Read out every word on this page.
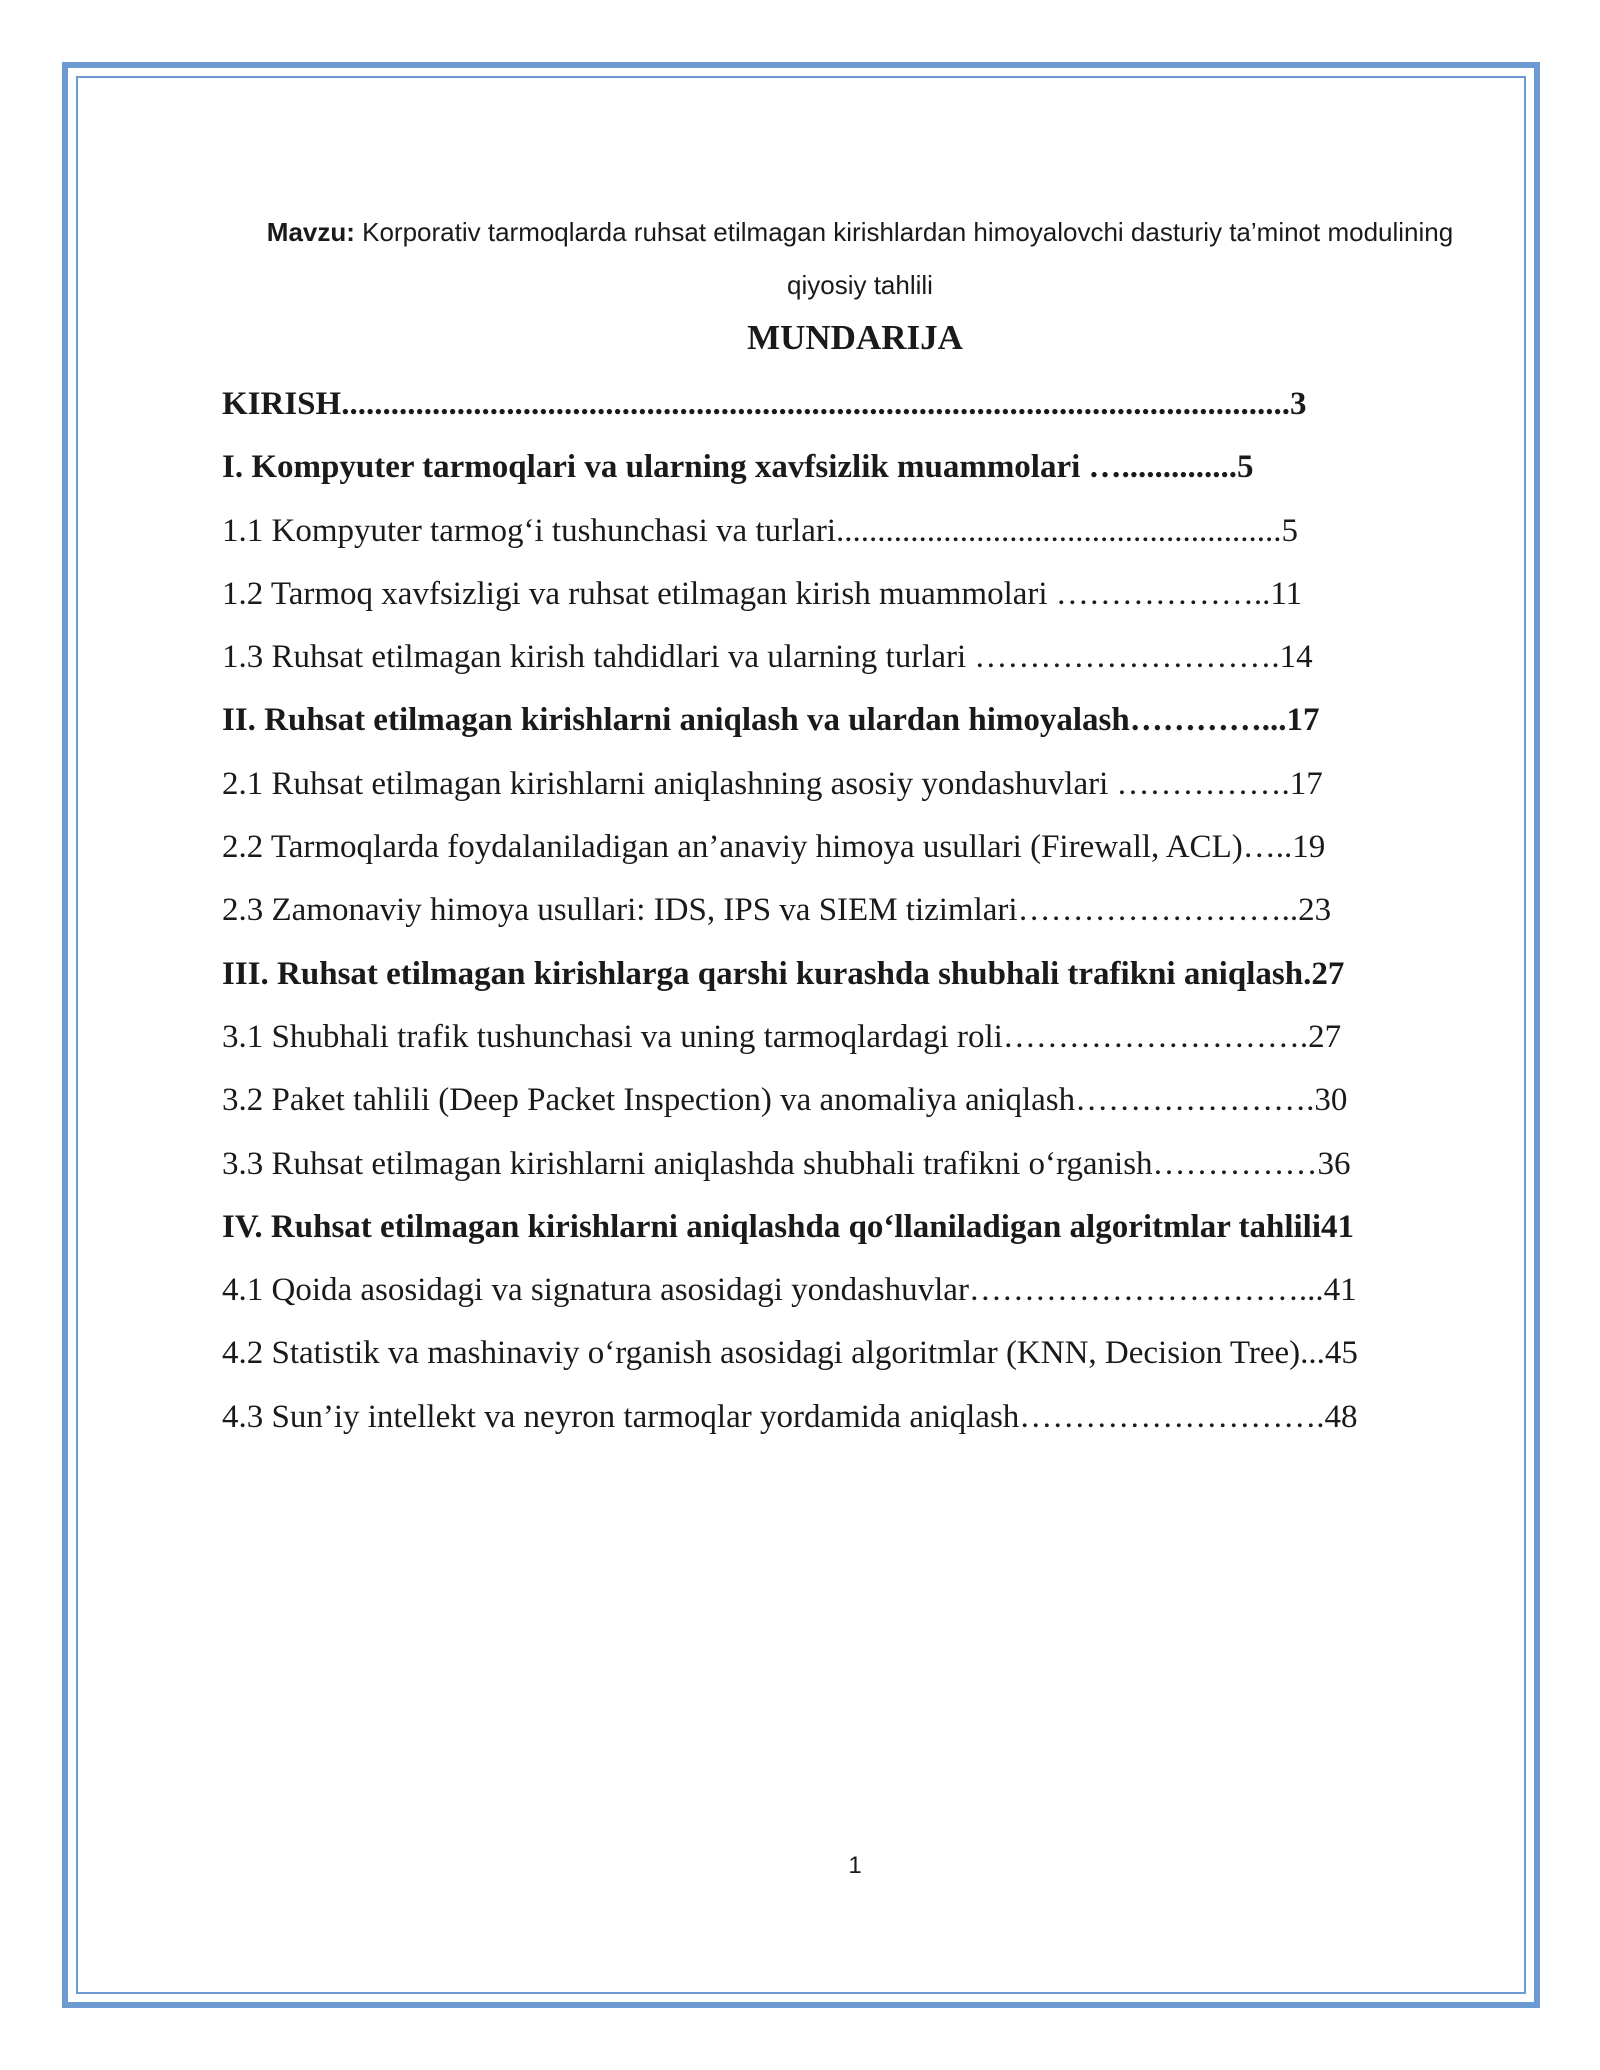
Mavzu: Korporativ tarmoqlarda ruhsat etilmagan kirishlardan himoyalovchi dasturiy ta’minot modulining
qiyosiy tahlili
MUNDARIJA
KIRISH...................................................................................................................3
I. Kompyuter tarmoqlari va ularning xavfsizlik muammolari …..............5
1.1 Kompyuter tarmog‘i tushunchasi va turlari......................................................5
1.2 Tarmoq xavfsizligi va ruhsat etilmagan kirish muammolari ………………..11
1.3 Ruhsat etilmagan kirish tahdidlari va ularning turlari ……………………….14
II. Ruhsat etilmagan kirishlarni aniqlash va ulardan himoyalash…………...17
2.1 Ruhsat etilmagan kirishlarni aniqlashning asosiy yondashuvlari …………….17
2.2 Tarmoqlarda foydalaniladigan an’anaviy himoya usullari (Firewall, ACL)…..19
2.3 Zamonaviy himoya usullari: IDS, IPS va SIEM tizimlari……………………..23
III. Ruhsat etilmagan kirishlarga qarshi kurashda shubhali trafikni aniqlash.27
3.1 Shubhali trafik tushunchasi va uning tarmoqlardagi roli……………………….27
3.2 Paket tahlili (Deep Packet Inspection) va anomaliya aniqlash………………….30
3.3 Ruhsat etilmagan kirishlarni aniqlashda shubhali trafikni o‘rganish……………36
IV. Ruhsat etilmagan kirishlarni aniqlashda qo‘llaniladigan algoritmlar tahlili41
4.1 Qoida asosidagi va signatura asosidagi yondashuvlar…………………………...41
4.2 Statistik va mashinaviy o‘rganish asosidagi algoritmlar (KNN, Decision Tree)...45
4.3 Sun’iy intellekt va neyron tarmoqlar yordamida aniqlash……………………….48
1
